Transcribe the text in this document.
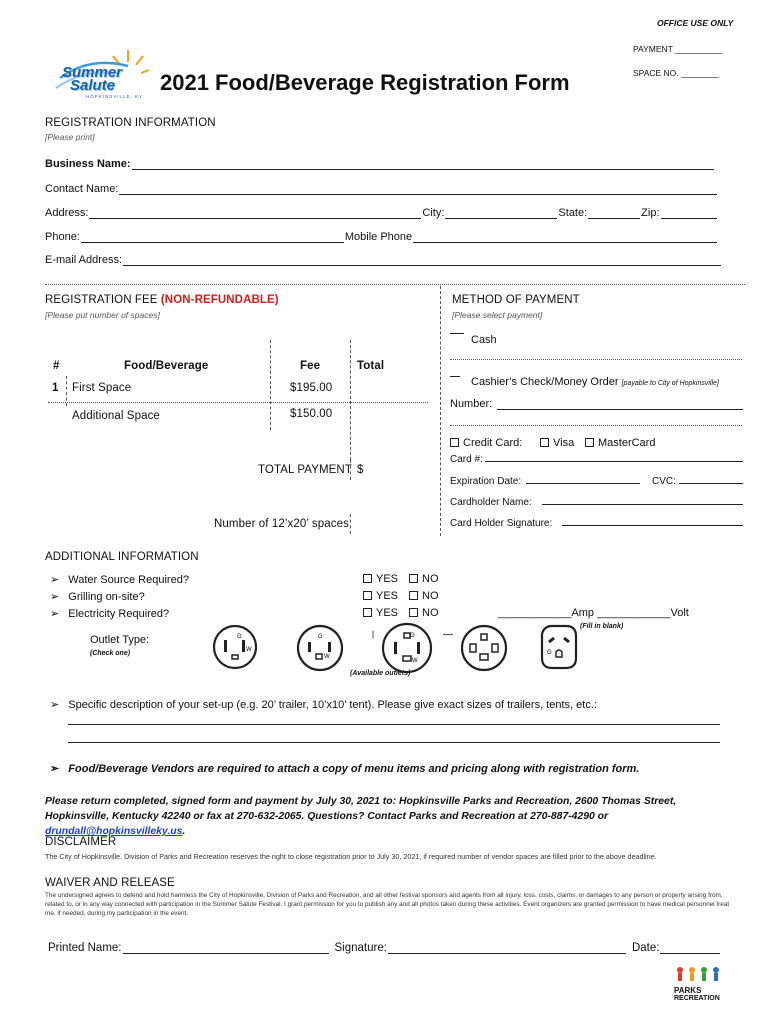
OFFICE USE ONLY
PAYMENT __________
SPACE NO. ________
Summer
Salute
HOPKINSVILLE, KY
2021 Food/Beverage Registration Form
REGISTRATION INFORMATION
[Please print]
Business Name:
Contact Name:
Address:	City:	State:	Zip:
Phone:	Mobile Phone
E-mail Address:
REGISTRATION FEE (NON-REFUNDABLE)
[Please put number of spaces]
#	Food/Beverage	Fee	Total
1 First Space	$195.00
Additional Space	$150.00
TOTAL PAYMENT $
Number of 12’x20’ spaces
METHOD OF PAYMENT
[Please select payment]
Cash
Cashier’s Check/Money Order [payable to City of Hopkinsville]
Number:
Credit Card:	Visa	MasterCard
Card #:
Expiration Date:	CVC:
Cardholder Name:
Card Holder Signature:
ADDITIONAL INFORMATION
➢ Water Source Required?
➢ Grilling on-site?
➢ Electricity Required?
YES	NO
YES	NO
YES	NO	____________Amp ____________Volt
(Fill in blank)
Outlet Type:
(Check one)
(Available outlets)
G
W
G
W
G
W
G
➢ Specific description of your set-up (e.g. 20’ trailer, 10’x10’ tent). Please give exact sizes of trailers, tents, etc.:
➢ Food/Beverage Vendors are required to attach a copy of menu items and pricing along with registration form.
Please return completed, signed form and payment by July 30, 2021 to: Hopkinsville Parks and Recreation, 2600 Thomas Street, Hopkinsville, Kentucky 42240 or fax at 270-632-2065. Questions? Contact Parks and Recreation at 270-887-4290 or drundall@hopkinsvilleky.us.
DISCLAIMER
The City of Hopkinsville, Division of Parks and Recreation reserves the right to close registration prior to July 30, 2021, if required number of vendor spaces are filled prior to the above deadline.
WAIVER AND RELEASE
The undersigned agrees to defend and hold harmless the City of Hopkinsville, Division of Parks and Recreation, and all other festival sponsors and agents from all injury, loss, costs, claims, or damages to any person or property arising from, related to, or in any way connected with participation in the Summer Salute Festival. I grant permission for you to publish any and all photos taken during these activities. Event organizers are granted permission to have medical personnel treat me, if needed, during my participation in the event.
Printed Name:	Signature:	Date:
PARKS
RECREATION
